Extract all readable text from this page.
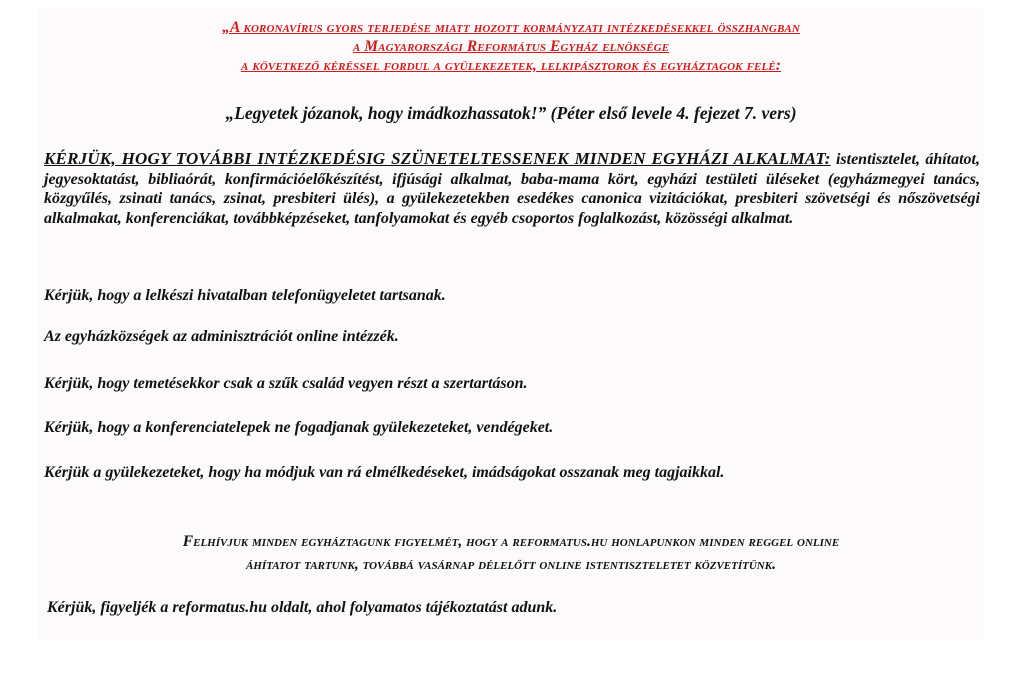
„A koronavírus gyors terjedése miatt hozott kormányzati intézkedésekkel összhangban
a Magyarországi Református Egyház elnöksége
a következő kéréssel fordul a gyülekezetek, lelkipásztorok és egyháztagok felé:
„Legyetek józanok, hogy imádkozhassatok!” (Péter első levele 4. fejezet 7. vers)
KÉRJÜK, HOGY TOVÁBBI INTÉZKEDÉSIG SZÜNETELTESSENEK MINDEN EGYHÁZI ALKALMAT: istentisztelet, áhítatot, jegyesoktatást, bibliaórát, konfirmációelőkészítést, ifjúsági alkalmat, baba-mama kört, egyházi testületi üléseket (egyházmegyei tanács, közgyűlés, zsinati tanács, zsinat, presbiteri ülés), a gyülekezetekben esedékes canonica vizitációkat, presbiteri szövetségi és nőszövetségi alkalmakat, konferenciákat, továbbképzéseket, tanfolyamokat és egyéb csoportos foglalkozást, közösségi alkalmat.
Kérjük, hogy a lelkészi hivatalban telefonügyeletet tartsanak.
Az egyházközségek az adminisztrációt online intézzék.
Kérjük, hogy temetésekkor csak a szűk család vegyen részt a szertartáson.
Kérjük, hogy a konferenciatelepek ne fogadjanak gyülekezeteket, vendégeket.
Kérjük a gyülekezeteket, hogy ha módjuk van rá elmélkedéseket, imádságokat osszanak meg tagjaikkal.
Felhívjuk minden egyháztagunk figyelmét, hogy a reformatus.hu honlapunkon minden reggel online
áhítatot tartunk, továbbá vasárnap délelőtt online istentiszteletet közvetítünk.
Kérjük, figyeljék a reformatus.hu oldalt, ahol folyamatos tájékoztatást adunk.
